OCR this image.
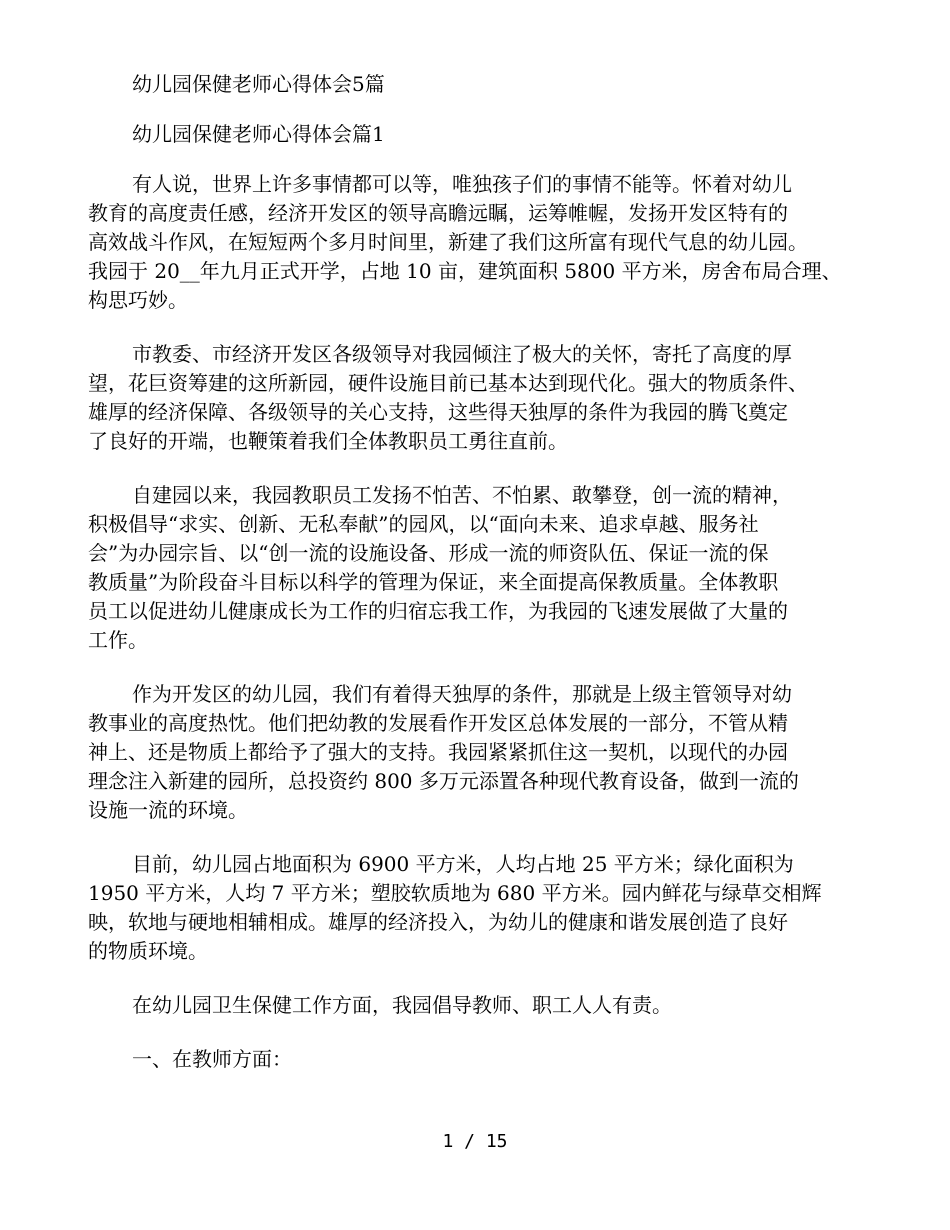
幼儿园保健老师心得体会5篇

幼儿园保健老师心得体会篇1

有人说，世界上许多事情都可以等，唯独孩子们的事情不能等。怀着对幼儿
教育的高度责任感，经济开发区的领导高瞻远瞩，运筹帷幄，发扬开发区特有的
高效战斗作风，在短短两个多月时间里，新建了我们这所富有现代气息的幼儿园。
我园于 20__年九月正式开学，占地 10 亩，建筑面积 5800 平方米，房舍布局合理、
构思巧妙。
市教委、市经济开发区各级领导对我园倾注了极大的关怀，寄托了高度的厚
望，花巨资筹建的这所新园，硬件设施目前已基本达到现代化。强大的物质条件、
雄厚的经济保障、各级领导的关心支持，这些得天独厚的条件为我园的腾飞奠定
了良好的开端，也鞭策着我们全体教职员工勇往直前。
自建园以来，我园教职员工发扬不怕苦、不怕累、敢攀登，创一流的精神，
积极倡导“求实、创新、无私奉献”的园风，以“面向未来、追求卓越、服务社
会”为办园宗旨、以“创一流的设施设备、形成一流的师资队伍、保证一流的保
教质量”为阶段奋斗目标以科学的管理为保证，来全面提高保教质量。全体教职
员工以促进幼儿健康成长为工作的归宿忘我工作，为我园的飞速发展做了大量的
工作。
作为开发区的幼儿园，我们有着得天独厚的条件，那就是上级主管领导对幼
教事业的高度热忱。他们把幼教的发展看作开发区总体发展的一部分，不管从精
神上、还是物质上都给予了强大的支持。我园紧紧抓住这一契机，以现代的办园
理念注入新建的园所，总投资约 800 多万元添置各种现代教育设备，做到一流的
设施一流的环境。
目前，幼儿园占地面积为 6900 平方米，人均占地 25 平方米；绿化面积为
1950 平方米，人均 7 平方米；塑胶软质地为 680 平方米。园内鲜花与绿草交相辉
映，软地与硬地相辅相成。雄厚的经济投入，为幼儿的健康和谐发展创造了良好
的物质环境。
在幼儿园卫生保健工作方面，我园倡导教师、职工人人有责。
一、在教师方面：
1 / 15
